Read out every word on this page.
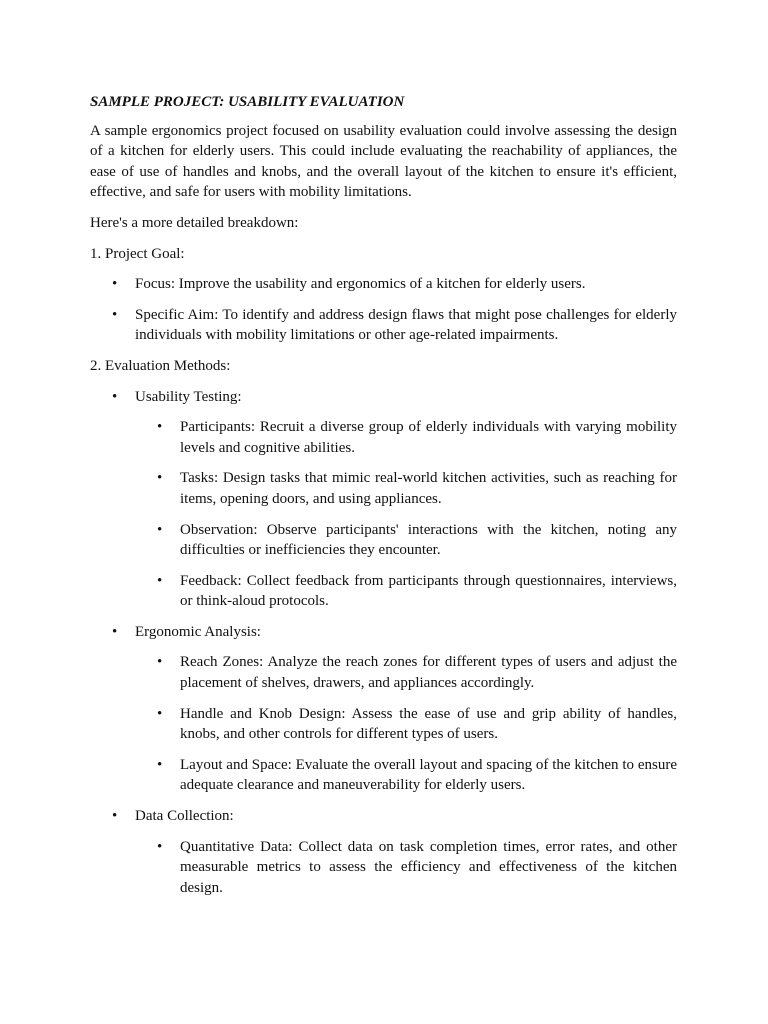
SAMPLE PROJECT: USABILITY EVALUATION

A sample ergonomics project focused on usability evaluation could involve assessing the design of a kitchen for elderly users. This could include evaluating the reachability of appliances, the ease of use of handles and knobs, and the overall layout of the kitchen to ensure it's efficient, effective, and safe for users with mobility limitations.

Here's a more detailed breakdown:

1. Project Goal:
• Focus: Improve the usability and ergonomics of a kitchen for elderly users.
• Specific Aim: To identify and address design flaws that might pose challenges for elderly individuals with mobility limitations or other age-related impairments.
2. Evaluation Methods:
• Usability Testing:
• Participants: Recruit a diverse group of elderly individuals with varying mobility levels and cognitive abilities.
• Tasks: Design tasks that mimic real-world kitchen activities, such as reaching for items, opening doors, and using appliances.
• Observation: Observe participants' interactions with the kitchen, noting any difficulties or inefficiencies they encounter.
• Feedback: Collect feedback from participants through questionnaires, interviews, or think-aloud protocols.
• Ergonomic Analysis:
• Reach Zones: Analyze the reach zones for different types of users and adjust the placement of shelves, drawers, and appliances accordingly.
• Handle and Knob Design: Assess the ease of use and grip ability of handles, knobs, and other controls for different types of users.
• Layout and Space: Evaluate the overall layout and spacing of the kitchen to ensure adequate clearance and maneuverability for elderly users.
• Data Collection:
• Quantitative Data: Collect data on task completion times, error rates, and other measurable metrics to assess the efficiency and effectiveness of the kitchen design.
